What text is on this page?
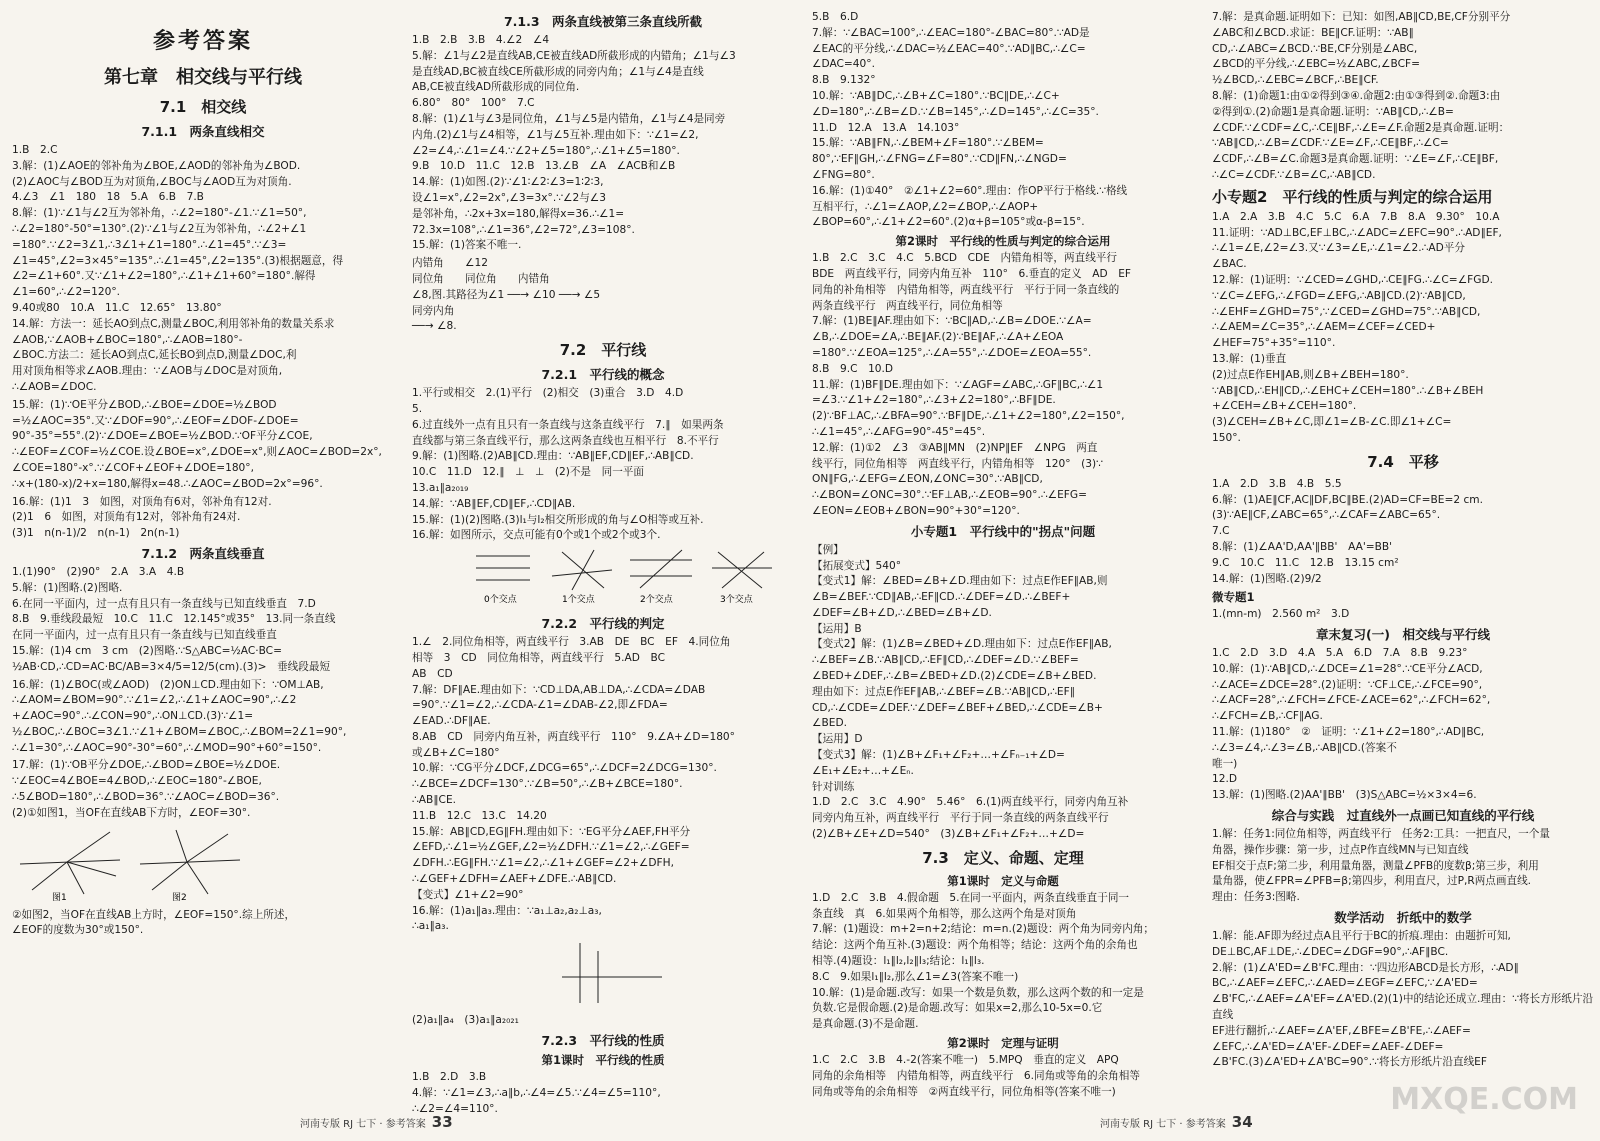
参考答案
第七章　相交线与平行线
7.1　相交线
7.1.1　两条直线相交
1.B　2.C
3.解：(1)∠AOE的邻补角为∠BOE,∠AOD的邻补角为∠BOD.
(2)∠AOC与∠BOD互为对顶角,∠BOC与∠AOD互为对顶角.
4.∠3　∠1　180　18　5.A　6.B　7.B
8.解：(1)∵∠1与∠2互为邻补角，∴∠2=180°-∠1.∵∠1=50°,
∴∠2=180°-50°=130°.(2)∵∠1与∠2互为邻补角，∴∠2+∠1
=180°.∵∠2=3∠1,∴3∠1+∠1=180°.∴∠1=45°.∵∠3=
∠1=45°,∠2=3×45°=135°.∴∠1=45°,∠2=135°.(3)根据题意，得
∠2=∠1+60°.又∵∠1+∠2=180°,∴∠1+∠1+60°=180°.解得
∠1=60°,∴∠2=120°.
9.40或80　10.A　11.C　12.65°　13.80°
14.解：方法一：延长AO到点C,测量∠BOC,利用邻补角的数量关系求
∠AOB,∵∠AOB+∠BOC=180°,∴∠AOB=180°-
∠BOC.方法二：延长AO到点C,延长BO到点D,测量∠DOC,利
用对顶角相等求∠AOB.理由：∵∠AOB与∠DOC是对顶角,
∴∠AOB=∠DOC.
15.解：(1)∵OE平分∠BOD,∴∠BOE=∠DOE=½∠BOD
=½∠AOC=35°.又∵∠DOF=90°,∴∠EOF=∠DOF-∠DOE=
90°-35°=55°.(2)∵∠DOE=∠BOE=½∠BOD.∵OF平分∠COE,
∴∠EOF=∠COF=½∠COE.设∠BOE=x°,∠DOE=x°,则∠AOC=∠BOD=2x°,
∠COE=180°-x°.∵∠COF+∠EOF+∠DOE=180°,
∴x+(180-x)/2+x=180,解得x=48.∴∠AOC=∠BOD=2x°=96°.
16.解：(1)1　3　如图，对顶角有6对，邻补角有12对.
(2)1　6　如图，对顶角有12对，邻补角有24对.
(3)1　n(n-1)/2　n(n-1)　2n(n-1)
7.1.2　两条直线垂直
1.(1)90°　(2)90°　2.A　3.A　4.B
5.解：(1)图略.(2)图略.
6.在同一平面内，过一点有且只有一条直线与已知直线垂直　7.D
8.B　9.垂线段最短　10.C　11.C　12.145°或35°　13.同一条直线
在同一平面内，过一点有且只有一条直线与已知直线垂直
15.解：(1)4 cm　3 cm　(2)图略.∵S△ABC=½AC·BC=
½AB·CD,∴CD=AC·BC/AB=3×4/5=12/5(cm).(3)>　垂线段最短
16.解：(1)∠BOC(或∠AOD)　(2)ON⊥CD.理由如下：∵OM⊥AB,
∴∠AOM=∠BOM=90°.∵∠1=∠2,∴∠1+∠AOC=90°,∴∠2
+∠AOC=90°.∴∠CON=90°,∴ON⊥CD.(3)∵∠1=
½∠BOC,∴∠BOC=3∠1.∵∠1+∠BOM=∠BOC,∴∠BOM=2∠1=90°,
∴∠1=30°,∴∠AOC=90°-30°=60°,∴∠MOD=90°+60°=150°.
17.解：(1)∵OB平分∠DOE,∴∠BOD=∠BOE=½∠DOE.
∵∠EOC=4∠BOE=4∠BOD,∴∠EOC=180°-∠BOE,
∴5∠BOD=180°,∴∠BOD=36°.∵∠AOC=∠BOD=36°.
(2)①如图1，当OF在直线AB下方时，∠EOF=30°.
图1	图2
②如图2，当OF在直线AB上方时，∠EOF=150°.综上所述，
∠EOF的度数为30°或150°.
7.1.3　两条直线被第三条直线所截
1.B　2.B　3.B　4.∠2　∠4
5.解：∠1与∠2是直线AB,CE被直线AD所截形成的内错角；∠1与∠3
是直线AD,BC被直线CE所截形成的同旁内角；∠1与∠4是直线
AB,CE被直线AD所截形成的同位角.
6.80°　80°　100°　7.C
8.解：(1)∠1与∠3是同位角，∠1与∠5是内错角，∠1与∠4是同旁
内角.(2)∠1与∠4相等，∠1与∠5互补.理由如下：∵∠1=∠2,
∠2=∠4,∴∠1=∠4.∵∠2+∠5=180°,∴∠1+∠5=180°.
9.B　10.D　11.C　12.B　13.∠B　∠A　∠ACB和∠B
14.解：(1)如图.(2)∵∠1∶∠2∶∠3=1∶2∶3,
设∠1=x°,∠2=2x°,∠3=3x°.∵∠2与∠3
是邻补角，∴2x+3x=180,解得x=36.∴∠1=
72.3x=108°,∴∠1=36°,∠2=72°,∠3=108°.
15.解：(1)答案不唯一.
内错角　　∠12
同位角　　同位角　　内错角
∠8,图.其路径为∠1 ──→ ∠10 ──→ ∠5
同旁内角
──→ ∠8.
7.2　平行线
7.2.1　平行线的概念
1.平行或相交　2.(1)平行　(2)相交　(3)重合　3.D　4.D
5.
6.过直线外一点有且只有一条直线与这条直线平行　7.∥　如果两条
直线都与第三条直线平行，那么这两条直线也互相平行　8.不平行
9.解：(1)图略.(2)AB∥CD.理由：∵AB∥EF,CD∥EF,∴AB∥CD.
10.C　11.D　12.∥　⊥　⊥　(2)不是　同一平面
13.a₁∥a₂₀₁₉
14.解：∵AB∥EF,CD∥EF,∴CD∥AB.
15.解：(1)(2)图略.(3)l₁与l₂相交所形成的角与∠O相等或互补.
16.解：如图所示，交点可能有0个或1个或2个或3个.
0个交点	1个交点	2个交点	3个交点
7.2.2　平行线的判定
1.∠　2.同位角相等，两直线平行　3.AB　DE　BC　EF　4.同位角
相等　3　CD　同位角相等，两直线平行　5.AD　BC
AB　CD
7.解：DF∥AE.理由如下：∵CD⊥DA,AB⊥DA,∴∠CDA=∠DAB
=90°.∵∠1=∠2,∴∠CDA-∠1=∠DAB-∠2,即∠FDA=
∠EAD.∴DF∥AE.
8.AB　CD　同旁内角互补，两直线平行　110°　9.∠A+∠D=180°
或∠B+∠C=180°
10.解：∵CG平分∠DCF,∠DCG=65°,∴∠DCF=2∠DCG=130°.
∴∠BCE=∠DCF=130°.∵∠B=50°,∴∠B+∠BCE=180°.
∴AB∥CE.
11.B　12.C　13.C　14.20
15.解：AB∥CD,EG∥FH.理由如下：∵EG平分∠AEF,FH平分
∠EFD,∴∠1=½∠GEF,∠2=½∠DFH.∵∠1=∠2,∴∠GEF=
∠DFH.∴EG∥FH.∵∠1=∠2,∴∠1+∠GEF=∠2+∠DFH,
∴∠GEF+∠DFH=∠AEF+∠DFE.∴AB∥CD.
【变式】∠1+∠2=90°
16.解：(1)a₁∥a₃.理由：∵a₁⊥a₂,a₂⊥a₃,
∴a₁∥a₃.
(2)a₁∥a₄　(3)a₁∥a₂₀₂₁
7.2.3　平行线的性质
第1课时　平行线的性质
1.B　2.D　3.B
4.解：∵∠1=∠3,∴a∥b,∴∠4=∠5.∵∠4=∠5=110°,
∴∠2=∠4=110°.
河南专版 RJ 七下 · 参考答案 33
5.B　6.D
7.解：∵∠BAC=100°,∴∠EAC=180°-∠BAC=80°.∵AD是
∠EAC的平分线,∴∠DAC=½∠EAC=40°.∵AD∥BC,∴∠C=
∠DAC=40°.
8.B　9.132°
10.解：∵AB∥DC,∴∠B+∠C=180°.∵BC∥DE,∴∠C+
∠D=180°,∴∠B=∠D.∵∠B=145°,∴∠D=145°,∴∠C=35°.
11.D　12.A　13.A　14.103°
15.解：∵AB∥FN,∴∠BEM+∠F=180°.∵∠BEM=
80°,∵EF∥GH,∴∠FNG=∠F=80°.∵CD∥FN,∴∠NGD=
∠FNG=80°.
16.解：(1)①40°　②∠1+∠2=60°.理由：作OP平行于格线.∵格线
互相平行，∴∠1=∠AOP,∠2=∠BOP,∴∠AOP+
∠BOP=60°,∴∠1+∠2=60°.(2)α+β=105°或α-β=15°.
第2课时　平行线的性质与判定的综合运用
1.B　2.C　3.C　4.C　5.BCD　CDE　内错角相等，两直线平行
BDE　两直线平行，同旁内角互补　110°　6.垂直的定义　AD　EF
同角的补角相等　内错角相等，两直线平行　平行于同一条直线的
两条直线平行　两直线平行，同位角相等
7.解：(1)BE∥AF.理由如下：∵BC∥AD,∴∠B=∠DOE.∵∠A=
∠B,∴∠DOE=∠A,∴BE∥AF.(2)∵BE∥AF,∴∠A+∠EOA
=180°.∵∠EOA=125°,∴∠A=55°,∴∠DOE=∠EOA=55°.
8.B　9.C　10.D
11.解：(1)BF∥DE.理由如下：∵∠AGF=∠ABC,∴GF∥BC,∴∠1
=∠3.∵∠1+∠2=180°,∴∠3+∠2=180°,∴BF∥DE.
(2)∵BF⊥AC,∴∠BFA=90°.∵BF∥DE,∴∠1+∠2=180°,∠2=150°,
∴∠1=45°,∴∠AFG=90°-45°=45°.
12.解：(1)①2　∠3　③AB∥MN　(2)NP∥EF　∠NPG　两直
线平行，同位角相等　两直线平行，内错角相等　120°　(3)∵
ON∥FG,∴∠EFG=∠EON,∠ONC=30°.∵AB∥CD,
∴∠BON=∠ONC=30°.∵EF⊥AB,∴∠EOB=90°.∴∠EFG=
∠EON=∠EOB+∠BON=90°+30°=120°.
小专题1　平行线中的"拐点"问题
【例】
【拓展变式】540°
【变式1】解：∠BED=∠B+∠D.理由如下：过点E作EF∥AB,则
∠B=∠BEF.∵CD∥AB,∴EF∥CD.∴∠DEF=∠D.∴∠BEF+
∠DEF=∠B+∠D,∴∠BED=∠B+∠D.
【运用】B
【变式2】解：(1)∠B=∠BED+∠D.理由如下：过点E作EF∥AB,
∴∠BEF=∠B.∵AB∥CD,∴EF∥CD,∴∠DEF=∠D.∵∠BEF=
∠BED+∠DEF,∴∠B=∠BED+∠D.(2)∠CDE=∠B+∠BED.
理由如下：过点E作EF∥AB,∴∠BEF=∠B.∵AB∥CD,∴EF∥
CD,∴∠CDE=∠DEF.∵∠DEF=∠BEF+∠BED,∴∠CDE=∠B+
∠BED.
【运用】D
【变式3】解：(1)∠B+∠F₁+∠F₂+…+∠Fₙ₋₁+∠D=
∠E₁+∠E₂+…+∠Eₙ.
针对训练
1.D　2.C　3.C　4.90°　5.46°　6.(1)两直线平行，同旁内角互补
同旁内角互补，两直线平行　平行于同一条直线的两条直线平行
(2)∠B+∠E+∠D=540°　(3)∠B+∠F₁+∠F₂+…+∠D=
7.3　定义、命题、定理
第1课时　定义与命题
1.D　2.C　3.B　4.假命题　5.在同一平面内，两条直线垂直于同一
条直线　真　6.如果两个角相等，那么这两个角是对顶角
7.解：(1)题设：m+2=n+2;结论：m=n.(2)题设：两个角为同旁内角；
结论：这两个角互补.(3)题设：两个角相等；结论：这两个角的余角也
相等.(4)题设：l₁∥l₂,l₂∥l₃;结论：l₁∥l₃.
8.C　9.如果l₁∥l₂,那么∠1=∠3(答案不唯一)
10.解：(1)是命题.改写：如果一个数是负数，那么这两个数的和一定是
负数.它是假命题.(2)是命题.改写：如果x=2,那么10-5x=0.它
是真命题.(3)不是命题.
第2课时　定理与证明
1.C　2.C　3.B　4.-2(答案不唯一)　5.MPQ　垂直的定义　APQ
同角的余角相等　内错角相等，两直线平行　6.同角或等角的余角相等
同角或等角的余角相等　②两直线平行，同位角相等(答案不唯一)
7.解：是真命题.证明如下：已知：如图,AB∥CD,BE,CF分别平分
∠ABC和∠BCD.求证：BE∥CF.证明：∵AB∥
CD,∴∠ABC=∠BCD.∵BE,CF分别是∠ABC,
∠BCD的平分线,∴∠EBC=½∠ABC,∠BCF=
½∠BCD,∴∠EBC=∠BCF,∴BE∥CF.
8.解：(1)命题1:由①②得到③④.命题2:由①③得到②.命题3:由
②得到①.(2)命题1是真命题.证明：∵AB∥CD,∴∠B=
∠CDF.∵∠CDF=∠C,∴CE∥BF,∴∠E=∠F.命题2是真命题.证明：
∵AB∥CD,∴∠B=∠CDF.∵∠E=∠F,∴CE∥BF,∴∠C=
∠CDF,∴∠B=∠C.命题3是真命题.证明：∵∠E=∠F,∴CE∥BF,
∴∠C=∠CDF.∵∠B=∠C,∴AB∥CD.
小专题2　平行线的性质与判定的综合运用
1.A　2.A　3.B　4.C　5.C　6.A　7.B　8.A　9.30°　10.A
11.证明：∵AD⊥BC,EF⊥BC,∴∠ADC=∠EFC=90°.∴AD∥EF,
∴∠1=∠E,∠2=∠3.又∵∠3=∠E,∴∠1=∠2.∴AD平分
∠BAC.
12.解：(1)证明：∵∠CED=∠GHD,∴CE∥FG.∴∠C=∠FGD.
∵∠C=∠EFG,∴∠FGD=∠EFG,∴AB∥CD.(2)∵AB∥CD,
∴∠EHF=∠GHD=75°,∵∠CED=∠GHD=75°.∵AB∥CD,
∴∠AEM=∠C=35°,∴∠AEM=∠CEF=∠CED+
∠HEF=75°+35°=110°.
13.解：(1)垂直
(2)过点E作EH∥AB,则∠B+∠BEH=180°.
∵AB∥CD,∴EH∥CD,∴∠EHC+∠CEH=180°.∴∠B+∠BEH
+∠CEH=∠B+∠CEH=180°.
(3)∠CEH=∠B+∠C,即∠1=∠B-∠C.即∠1+∠C=
150°.
7.4　平移
1.A　2.D　3.B　4.B　5.5
6.解：(1)AE∥CF,AC∥DF,BC∥BE.(2)AD=CF=BE=2 cm.
(3)∵AE∥CF,∠ABC=65°,∴∠CAF=∠ABC=65°.
7.C
8.解：(1)∠AA'D,AA'∥BB'　AA'=BB'
9.C　10.C　11.C　12.B　13.15 cm²
14.解：(1)图略.(2)9/2
微专题1
1.(mn-m)　2.560 m²　3.D
章末复习(一)　相交线与平行线
1.C　2.D　3.D　4.A　5.A　6.D　7.A　8.B　9.23°
10.解：(1)∵AB∥CD,∴∠DCE=∠1=28°.∵CE平分∠ACD,
∴∠ACE=∠DCE=28°.(2)证明：∵CF⊥CE,∴∠FCE=90°,
∴∠ACF=28°,∴∠FCH=∠FCE-∠ACE=62°,∴∠FCH=62°,
∴∠FCH=∠B,∴CF∥AG.
11.解：(1)180°　②　证明：∵∠1+∠2=180°,∴AD∥BC,
∴∠3=∠4,∴∠3=∠B,∴AB∥CD.(答案不
唯一)
12.D
13.解：(1)图略.(2)AA'∥BB'　(3)S△ABC=½×3×4=6.
综合与实践　过直线外一点画已知直线的平行线
1.解：任务1:同位角相等，两直线平行　任务2:工具：一把直尺，一个量
角器，操作步骤：第一步，过点P作直线MN与已知直线
EF相交于点F;第二步，利用量角器，测量∠PFB的度数β;第三步，利用
量角器，使∠FPR=∠PFB=β;第四步，利用直尺，过P,R两点画直线.
理由：任务3:图略.
数学活动　折纸中的数学
1.解：能.AF即为经过点A且平行于BC的折痕.理由：由题折可知,
DE⊥BC,AF⊥DE,∴∠DEC=∠DGF=90°,∴AF∥BC.
2.解：(1)∠A'ED=∠B'FC.理由：∵四边形ABCD是长方形，∴AD∥
BC,∴∠AEF=∠EFC,∴∠AED=∠EGF=∠EFC,∵∠A'ED=
∠B'FC,∴∠AEF=∠A'EF=∠A'ED.(2)(1)中的结论还成立.理由：∵将长方形纸片沿直线
EF进行翻折,∴∠AEF=∠A'EF,∠BFE=∠B'FE,∴∠AEF=
∠EFC,∴∠A'ED=∠A'EF-∠DEF=∠AEF-∠DEF=
∠B'FC.(3)∠A'ED+∠A'BC=90°.∵将长方形纸片沿直线EF
河南专版 RJ 七下 · 参考答案 34
MXQE.COM
